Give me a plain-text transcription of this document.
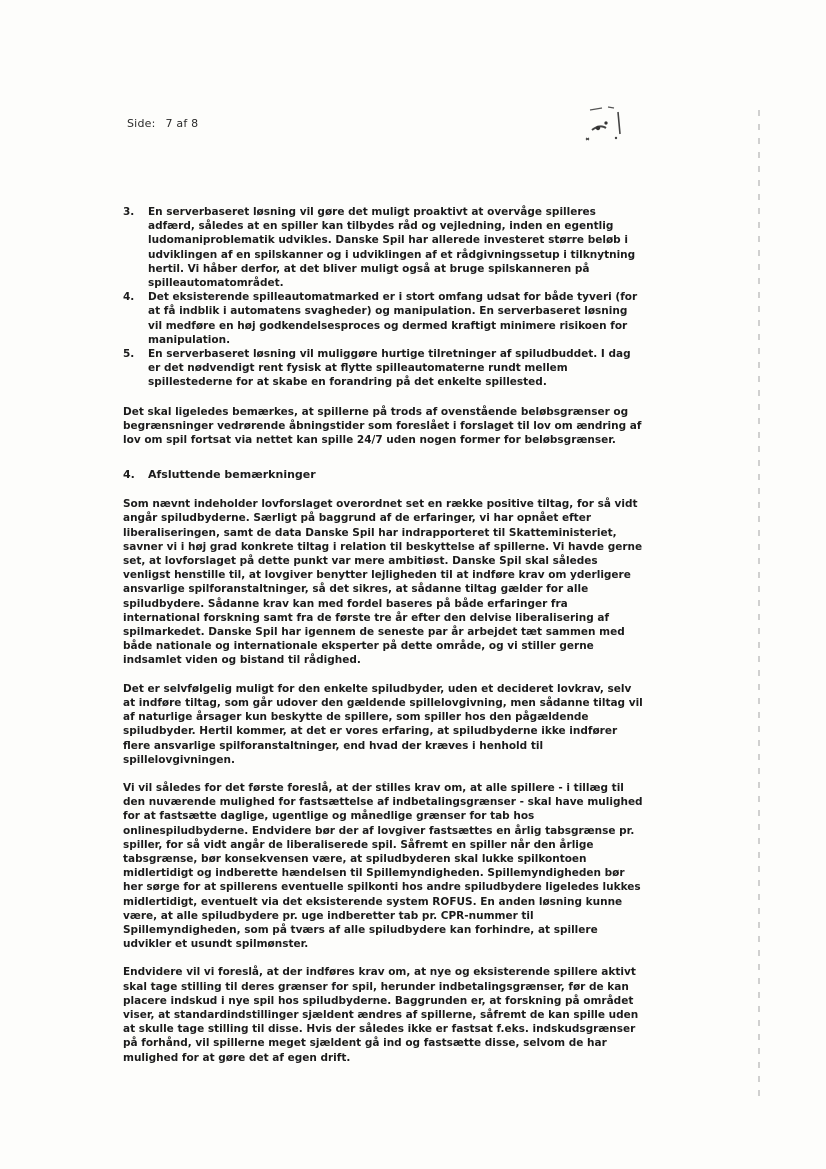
Side: 7 af 8
3. En serverbaseret løsning vil gøre det muligt proaktivt at overvåge spilleres adfærd, således at en spiller kan tilbydes råd og vejledning, inden en egentlig ludomaniproblematik udvikles. Danske Spil har allerede investeret større beløb i udviklingen af en spilskanner og i udviklingen af et rådgivningssetup i tilknytning hertil. Vi håber derfor, at det bliver muligt også at bruge spilskanneren på spilleautomatområdet.
4. Det eksisterende spilleautomatmarked er i stort omfang udsat for både tyveri (for at få indblik i automatens svagheder) og manipulation. En serverbaseret løsning vil medføre en høj godkendelsesproces og dermed kraftigt minimere risikoen for manipulation.
5. En serverbaseret løsning vil muliggøre hurtige tilretninger af spiludbuddet. I dag er det nødvendigt rent fysisk at flytte spilleautomaterne rundt mellem spillestederne for at skabe en forandring på det enkelte spillested.

Det skal ligeledes bemærkes, at spillerne på trods af ovenstående beløbsgrænser og begrænsninger vedrørende åbningstider som foreslået i forslaget til lov om ændring af lov om spil fortsat via nettet kan spille 24/7 uden nogen former for beløbsgrænser.

4. Afsluttende bemærkninger

Som nævnt indeholder lovforslaget overordnet set en række positive tiltag, for så vidt angår spiludbyderne. Særligt på baggrund af de erfaringer, vi har opnået efter liberaliseringen, samt de data Danske Spil har indrapporteret til Skatteministeriet, savner vi i høj grad konkrete tiltag i relation til beskyttelse af spillerne. Vi havde gerne set, at lovforslaget på dette punkt var mere ambitiøst. Danske Spil skal således venligst henstille til, at lovgiver benytter lejligheden til at indføre krav om yderligere ansvarlige spilforanstaltninger, så det sikres, at sådanne tiltag gælder for alle spiludbydere. Sådanne krav kan med fordel baseres på både erfaringer fra international forskning samt fra de første tre år efter den delvise liberalisering af spilmarkedet. Danske Spil har igennem de seneste par år arbejdet tæt sammen med både nationale og internationale eksperter på dette område, og vi stiller gerne indsamlet viden og bistand til rådighed.

Det er selvfølgelig muligt for den enkelte spiludbyder, uden et decideret lovkrav, selv at indføre tiltag, som går udover den gældende spillelovgivning, men sådanne tiltag vil af naturlige årsager kun beskytte de spillere, som spiller hos den pågældende spiludbyder. Hertil kommer, at det er vores erfaring, at spiludbyderne ikke indfører flere ansvarlige spilforanstaltninger, end hvad der kræves i henhold til spillelovgivningen.

Vi vil således for det første foreslå, at der stilles krav om, at alle spillere - i tillæg til den nuværende mulighed for fastsættelse af indbetalingsgrænser - skal have mulighed for at fastsætte daglige, ugentlige og månedlige grænser for tab hos onlinespiludbyderne. Endvidere bør der af lovgiver fastsættes en årlig tabsgrænse pr. spiller, for så vidt angår de liberaliserede spil. Såfremt en spiller når den årlige tabsgrænse, bør konsekvensen være, at spiludbyderen skal lukke spilkontoen midlertidigt og indberette hændelsen til Spillemyndigheden. Spillemyndigheden bør her sørge for at spillerens eventuelle spilkonti hos andre spiludbydere ligeledes lukkes midlertidigt, eventuelt via det eksisterende system ROFUS. En anden løsning kunne være, at alle spiludbydere pr. uge indberetter tab pr. CPR-nummer til Spillemyndigheden, som på tværs af alle spiludbydere kan forhindre, at spillere udvikler et usundt spilmønster.

Endvidere vil vi foreslå, at der indføres krav om, at nye og eksisterende spillere aktivt skal tage stilling til deres grænser for spil, herunder indbetalingsgrænser, før de kan placere indskud i nye spil hos spiludbyderne. Baggrunden er, at forskning på området viser, at standardindstillinger sjældent ændres af spillerne, såfremt de kan spille uden at skulle tage stilling til disse. Hvis der således ikke er fastsat f.eks. indskudsgrænser på forhånd, vil spillerne meget sjældent gå ind og fastsætte disse, selvom de har mulighed for at gøre det af egen drift.
